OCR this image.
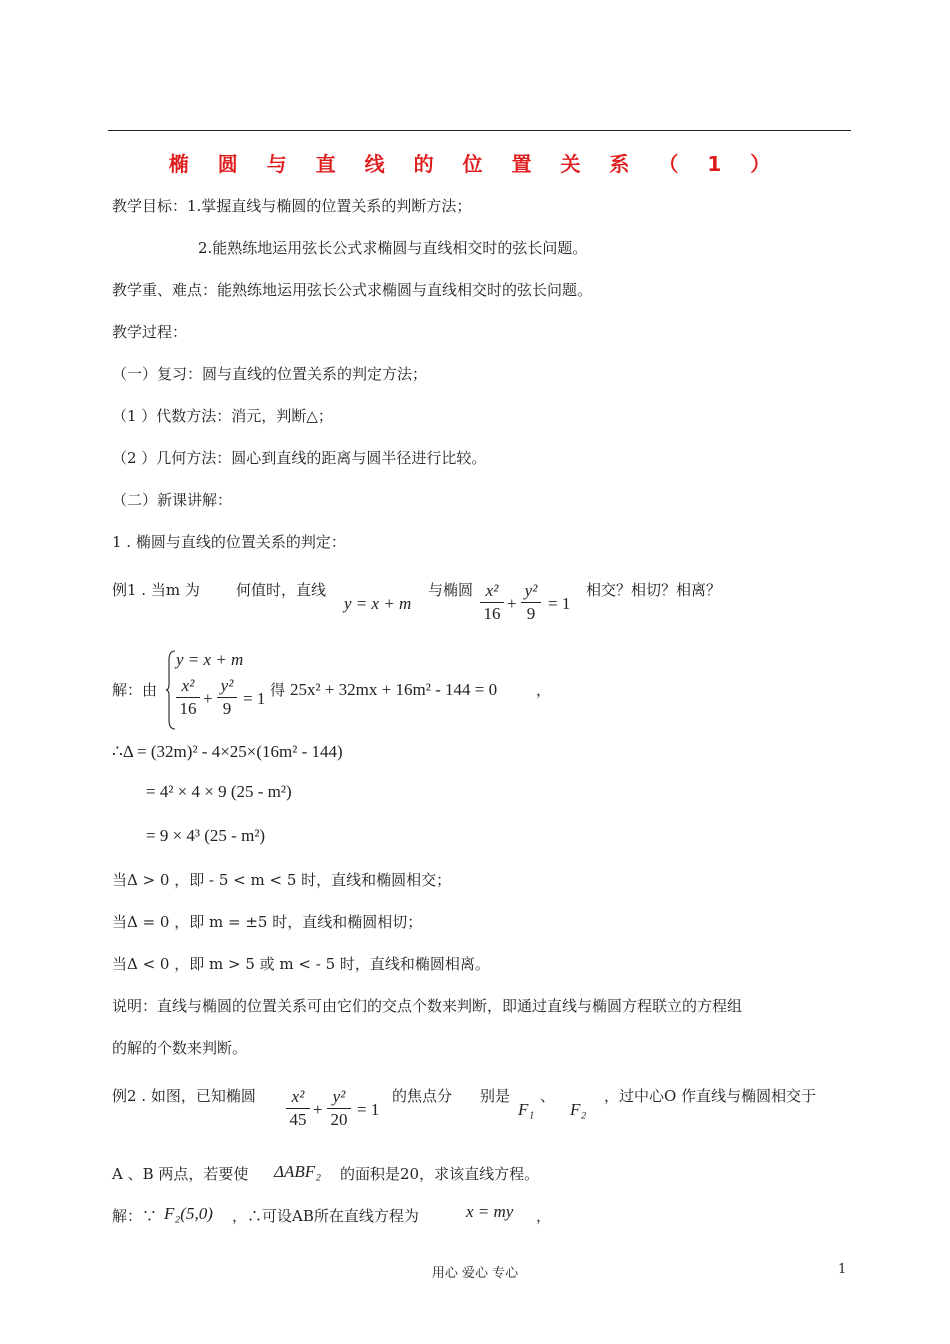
椭 圆 与 直 线 的 位 置 关 系 （ 1 ）
教学目标：1.掌握直线与椭圆的位置关系的判断方法；
2.能熟练地运用弦长公式求椭圆与直线相交时的弦长问题。
教学重、难点：能熟练地运用弦长公式求椭圆与直线相交时的弦长问题。
教学过程：
（一）复习：圆与直线的位置关系的判定方法；
（1 ）代数方法：消元，判断△；
（2 ）几何方法：圆心到直线的距离与圆半径进行比较。
（二）新课讲解：
1 . 椭圆与直线的位置关系的判定：
例1 . 当m 为 何值时，直线
y = x + m
与椭圆 x²
16
+
y²
9
= 1
相交？相切？相离？
解：由
y = x + m
x²
16
+
y²
9
= 1 得 25x² + 32mx + 16m² - 144 = 0	，
∴Δ = (32m)² - 4×25×(16m² - 144)
= 4² × 4 × 9 (25 - m²)
= 9 × 4³ (25 - m²)
当Δ > 0 ，即 - 5 < m < 5 时，直线和椭圆相交；
当Δ = 0 ，即 m = ±5 时，直线和椭圆相切；
当Δ < 0 ，即 m > 5 或 m < - 5 时，直线和椭圆相离。
说明：直线与椭圆的位置关系可由它们的交点个数来判断，即通过直线与椭圆方程联立的方程组
的解的个数来判断。
例2 . 如图，已知椭圆	x²
45
+
y²
20
= 1
的焦点分 别是
F₁
、
F₂
，过中心O 作直线与椭圆相交于
A 、B 两点，若要使 ΔABF₂ 的面积是20，求该直线方程。
解：∵ F₂(5,0) ，∴可设AB所在直线方程为	x = my ，
用心 爱心 专心	1
